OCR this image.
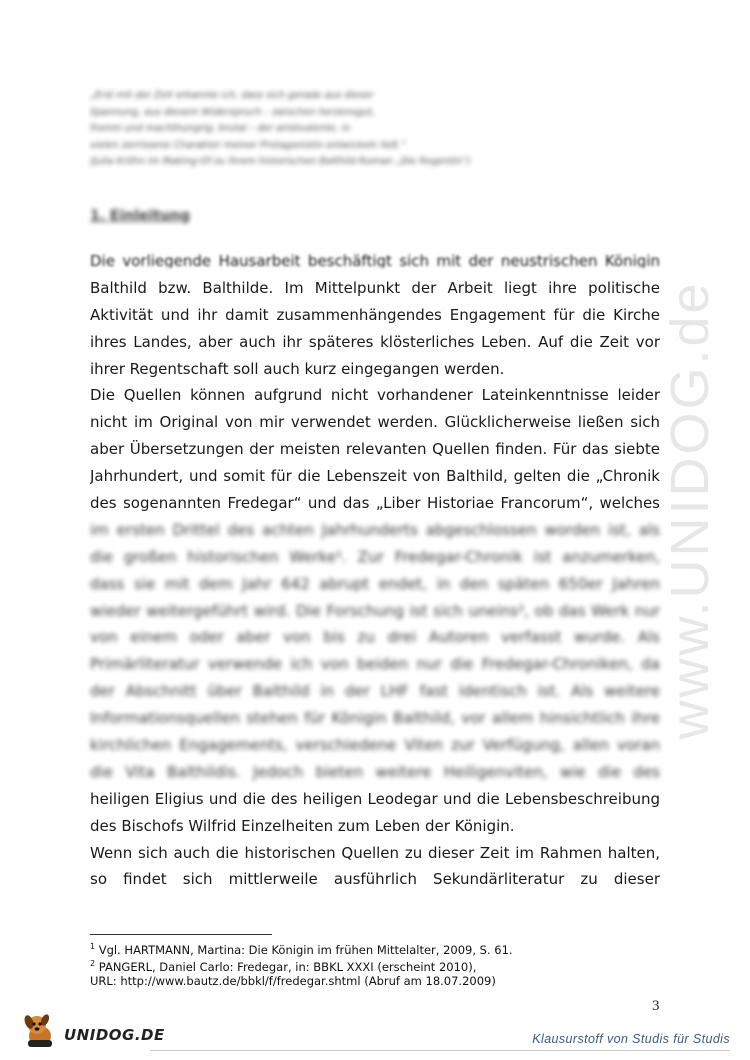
www.UNIDOG.de
„Erst mit der Zeit erkannte ich, dass sich gerade aus dieser
Spannung, aus diesem Widerspruch – zwischen herzensgut,
fromm und machthungrig, brutal – der ambivalente, in
vielen zerrissene Charakter meiner Protagonistin entwickeln ließ.“
(Julia Kröhn im Making-Of zu ihrem historischen Balthild-Roman „Die Regentin“)
1. Einleitung
Die vorliegende Hausarbeit beschäftigt sich mit der neustrischen Königin
Balthild bzw. Balthilde. Im Mittelpunkt der Arbeit liegt ihre politische
Aktivität und ihr damit zusammenhängendes Engagement für die Kirche
ihres Landes, aber auch ihr späteres klösterliches Leben. Auf die Zeit vor
ihrer Regentschaft soll auch kurz eingegangen werden.
Die Quellen können aufgrund nicht vorhandener Lateinkenntnisse leider
nicht im Original von mir verwendet werden. Glücklicherweise ließen sich
aber Übersetzungen der meisten relevanten Quellen finden. Für das siebte
Jahrhundert, und somit für die Lebenszeit von Balthild, gelten die „Chronik
des sogenannten Fredegar“ und das „Liber Historiae Francorum“, welches
im ersten Drittel des achten Jahrhunderts abgeschlossen worden ist, als
die großen historischen Werke¹. Zur Fredegar-Chronik ist anzumerken,
dass sie mit dem Jahr 642 abrupt endet, in den späten 650er Jahren
wieder weitergeführt wird. Die Forschung ist sich uneins², ob das Werk nur
von einem oder aber von bis zu drei Autoren verfasst wurde. Als
Primärliteratur verwende ich von beiden nur die Fredegar-Chroniken, da
der Abschnitt über Balthild in der LHF fast identisch ist. Als weitere
Informationsquellen stehen für Königin Balthild, vor allem hinsichtlich ihre
kirchlichen Engagements, verschiedene Viten zur Verfügung, allen voran
die Vita Balthildis. Jedoch bieten weitere Heiligenviten, wie die des
heiligen Eligius und die des heiligen Leodegar und die Lebensbeschreibung
des Bischofs Wilfrid Einzelheiten zum Leben der Königin.
Wenn sich auch die historischen Quellen zu dieser Zeit im Rahmen halten,
so findet sich mittlerweile ausführlich Sekundärliteratur zu dieser
$^1$ Vgl. HARTMANN, Martina: Die Königin im frühen Mittelalter, 2009, S. 61.
$^2$ PANGERL, Daniel Carlo: Fredegar, in: BBKL XXXI (erscheint 2010),
URL: http://www.bautz.de/bbkl/f/fredegar.shtml (Abruf am 18.07.2009)
3
UNIDOG.DE	Klausurstoff von Studis für Studis
